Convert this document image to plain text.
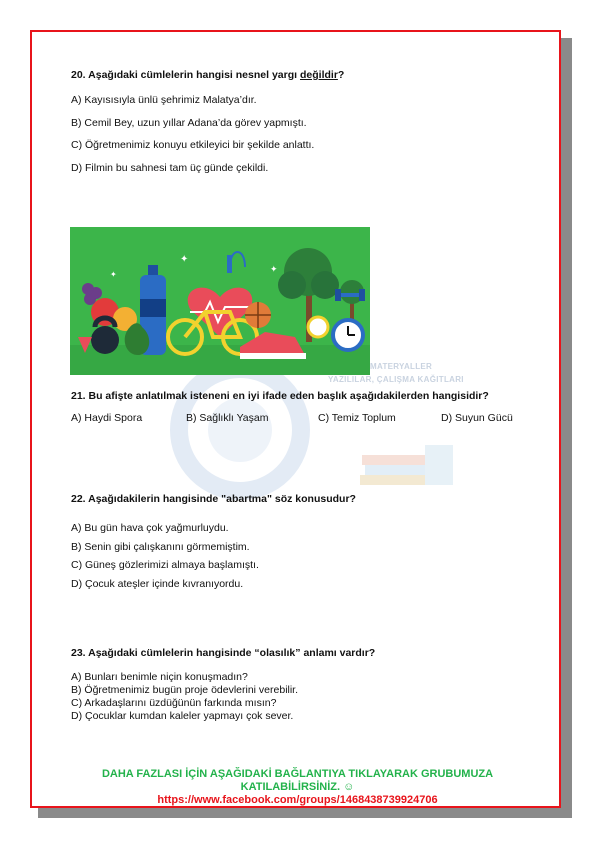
MATERYALLER
YAZILILAR, ÇALIŞMA KAĞITLARI
20. Aşağıdaki cümlelerin hangisi nesnel yargı değildir?
A) Kayısısıyla ünlü şehrimiz Malatya’dır.
B) Cemil Bey, uzun yıllar Adana’da görev yapmıştı.
C) Öğretmenimiz konuyu etkileyici bir şekilde anlattı.
D) Filmin bu sahnesi tam üç günde çekildi.
✦
✦
✦
21. Bu afişte anlatılmak isteneni en iyi ifade eden başlık aşağıdakilerden hangisidir?
A) Haydi Spora	B) Sağlıklı Yaşam	C) Temiz Toplum	D) Suyun Gücü
22. Aşağıdakilerin hangisinde "abartma" söz konusudur?
A) Bu gün hava çok yağmurluydu.
B) Senin gibi çalışkanını görmemiştim.
C) Güneş gözlerimizi almaya başlamıştı.
D) Çocuk ateşler içinde kıvranıyordu.
23. Aşağıdaki cümlelerin hangisinde “olasılık” anlamı vardır?
A) Bunları benimle niçin konuşmadın?
B) Öğretmenimiz bugün proje ödevlerini verebilir.
C) Arkadaşlarını üzdüğünün farkında mısın?
D) Çocuklar kumdan kaleler yapmayı çok sever.
DAHA FAZLASI İÇİN AŞAĞIDAKİ BAĞLANTIYA TIKLAYARAK GRUBUMUZA
KATILABİLİRSİNİZ. ☺
https://www.facebook.com/groups/1468438739924706
